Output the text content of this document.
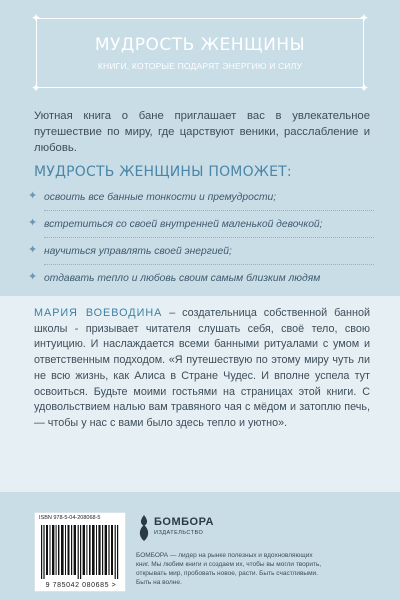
✦	✦
✦	✦
МУДРОСТЬ ЖЕНЩИНЫ
КНИГИ, КОТОРЫЕ ПОДАРЯТ ЭНЕРГИЮ И СИЛУ

Уютная книга о бане приглашает вас в увлекательное путешествие по миру, где царствуют веники, расслабление и любовь.

МУДРОСТЬ ЖЕНЩИНЫ ПОМОЖЕТ:
✦ освоить все банные тонкости и премудрости;
✦ встретиться со своей внутренней маленькой девочкой;
✦ научиться управлять своей энергией;
✦ отдавать тепло и любовь своим самым близким людям

МАРИЯ ВОЕВОДИНА – создательница собственной банной школы - призывает читателя слушать себя, своё тело, свою интуицию. И наслаждается всеми банными ритуалами с умом и ответственным подходом. «Я путешествую по этому миру чуть ли не всю жизнь, как Алиса в Стране Чудес. И вполне успела тут освоиться. Будьте моими гостьями на страницах этой книги. С удовольствием налью вам травяного чая с мёдом и затоплю печь, — чтобы у нас с вами было здесь тепло и уютно».

ISBN 978-5-04-208068-5
9 785042 080685 >
БОМБОРА
ИЗДАТЕЛЬСТВО

БОМБОРА — лидер на рынке полезных и вдохновляющих книг. Мы любим книги и создаем их, чтобы вы могли творить, открывать мир, пробовать новое, расти. Быть счастливыми. Быть на волне.
